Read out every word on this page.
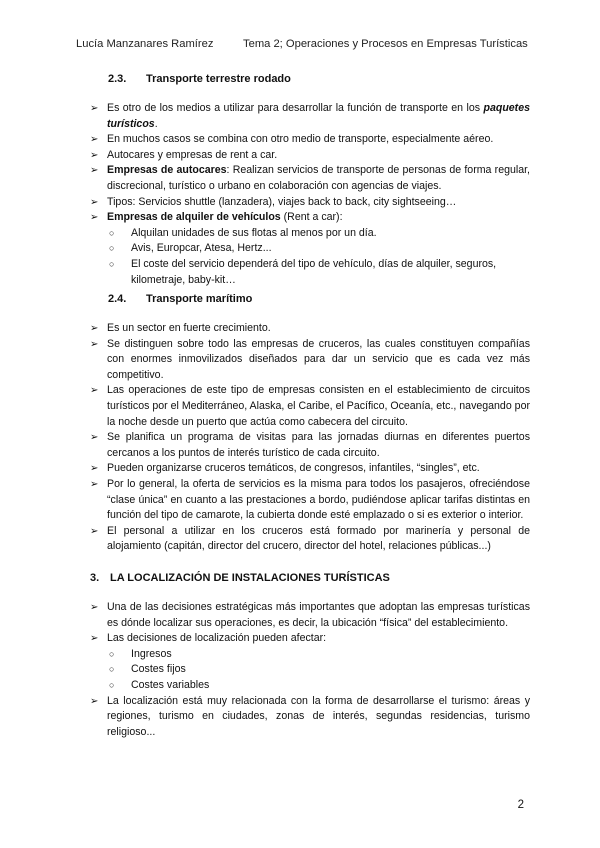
Lucía Manzanares Ramírez	Tema 2; Operaciones y Procesos en Empresas Turísticas
2.3. Transporte terrestre rodado
➢ Es otro de los medios a utilizar para desarrollar la función de transporte en los paquetes turísticos.
➢ En muchos casos se combina con otro medio de transporte, especialmente aéreo.
➢ Autocares y empresas de rent a car.
➢ Empresas de autocares: Realizan servicios de transporte de personas de forma regular, discrecional, turístico o urbano en colaboración con agencias de viajes.
➢ Tipos: Servicios shuttle (lanzadera), viajes back to back, city sightseeing…
➢ Empresas de alquiler de vehículos (Rent a car):
○ Alquilan unidades de sus flotas al menos por un día.
○ Avis, Europcar, Atesa, Hertz...
○ El coste del servicio dependerá del tipo de vehículo, días de alquiler, seguros, kilometraje, baby-kit…
2.4. Transporte marítimo
➢ Es un sector en fuerte crecimiento.
➢ Se distinguen sobre todo las empresas de cruceros, las cuales constituyen compañías con enormes inmovilizados diseñados para dar un servicio que es cada vez más competitivo.
➢ Las operaciones de este tipo de empresas consisten en el establecimiento de circuitos turísticos por el Mediterráneo, Alaska, el Caribe, el Pacífico, Oceanía, etc., navegando por la noche desde un puerto que actúa como cabecera del circuito.
➢ Se planifica un programa de visitas para las jornadas diurnas en diferentes puertos cercanos a los puntos de interés turístico de cada circuito.
➢ Pueden organizarse cruceros temáticos, de congresos, infantiles, “singles”, etc.
➢ Por lo general, la oferta de servicios es la misma para todos los pasajeros, ofreciéndose “clase única” en cuanto a las prestaciones a bordo, pudiéndose aplicar tarifas distintas en función del tipo de camarote, la cubierta donde esté emplazado o si es exterior o interior.
➢ El personal a utilizar en los cruceros está formado por marinería y personal de alojamiento (capitán, director del crucero, director del hotel, relaciones públicas...)
3. LA LOCALIZACIÓN DE INSTALACIONES TURÍSTICAS
➢ Una de las decisiones estratégicas más importantes que adoptan las empresas turísticas es dónde localizar sus operaciones, es decir, la ubicación “física” del establecimiento.
➢ Las decisiones de localización pueden afectar:
○ Ingresos
○ Costes fijos
○ Costes variables
➢ La localización está muy relacionada con la forma de desarrollarse el turismo: áreas y regiones, turismo en ciudades, zonas de interés, segundas residencias, turismo religioso...
2
